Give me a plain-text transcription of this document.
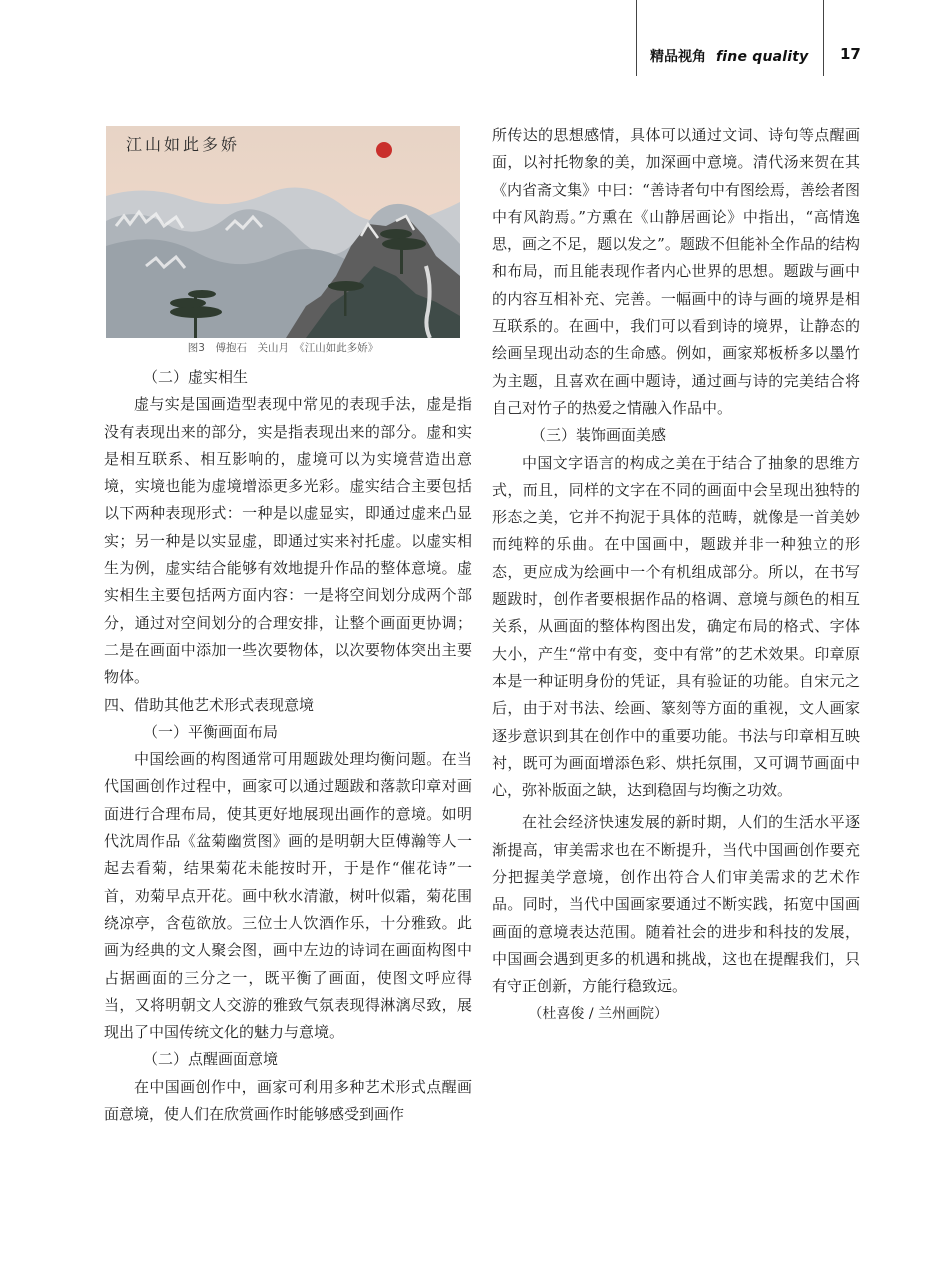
精品视角 fine quality 17
江山如此多娇
图3　傅抱石　关山月　《江山如此多娇》

（二）虚实相生

虚与实是国画造型表现中常见的表现手法，虚是指没有表现出来的部分，实是指表现出来的部分。虚和实是相互联系、相互影响的，虚境可以为实境营造出意境，实境也能为虚境增添更多光彩。虚实结合主要包括以下两种表现形式：一种是以虚显实，即通过虚来凸显实；另一种是以实显虚，即通过实来衬托虚。以虚实相生为例，虚实结合能够有效地提升作品的整体意境。虚实相生主要包括两方面内容：一是将空间划分成两个部分，通过对空间划分的合理安排，让整个画面更协调；二是在画面中添加一些次要物体，以次要物体突出主要物体。

四、借助其他艺术形式表现意境

（一）平衡画面布局

中国绘画的构图通常可用题跋处理均衡问题。在当代国画创作过程中，画家可以通过题跋和落款印章对画面进行合理布局，使其更好地展现出画作的意境。如明代沈周作品《盆菊幽赏图》画的是明朝大臣傅瀚等人一起去看菊，结果菊花未能按时开，于是作“催花诗”一首，劝菊早点开花。画中秋水清澈，树叶似霜，菊花围绕凉亭，含苞欲放。三位士人饮酒作乐，十分雅致。此画为经典的文人聚会图，画中左边的诗词在画面构图中占据画面的三分之一，既平衡了画面，使图文呼应得当，又将明朝文人交游的雅致气氛表现得淋漓尽致，展现出了中国传统文化的魅力与意境。

（二）点醒画面意境

在中国画创作中，画家可利用多种艺术形式点醒画面意境，使人们在欣赏画作时能够感受到画作

所传达的思想感情，具体可以通过文词、诗句等点醒画面，以衬托物象的美，加深画中意境。清代汤来贺在其《内省斋文集》中曰：“善诗者句中有图绘焉，善绘者图中有风韵焉。”方熏在《山静居画论》中指出，“高情逸思，画之不足，题以发之”。题跋不但能补全作品的结构和布局，而且能表现作者内心世界的思想。题跋与画中的内容互相补充、完善。一幅画中的诗与画的境界是相互联系的。在画中，我们可以看到诗的境界，让静态的绘画呈现出动态的生命感。例如，画家郑板桥多以墨竹为主题，且喜欢在画中题诗，通过画与诗的完美结合将自己对竹子的热爱之情融入作品中。

（三）装饰画面美感

中国文字语言的构成之美在于结合了抽象的思维方式，而且，同样的文字在不同的画面中会呈现出独特的形态之美，它并不拘泥于具体的范畴，就像是一首美妙而纯粹的乐曲。在中国画中，题跋并非一种独立的形态，更应成为绘画中一个有机组成部分。所以，在书写题跋时，创作者要根据作品的格调、意境与颜色的相互关系，从画面的整体构图出发，确定布局的格式、字体大小，产生“常中有变，变中有常”的艺术效果。印章原本是一种证明身份的凭证，具有验证的功能。自宋元之后，由于对书法、绘画、篆刻等方面的重视，文人画家逐步意识到其在创作中的重要功能。书法与印章相互映衬，既可为画面增添色彩、烘托氛围，又可调节画面中心，弥补版面之缺，达到稳固与均衡之功效。

在社会经济快速发展的新时期，人们的生活水平逐渐提高，审美需求也在不断提升，当代中国画创作要充分把握美学意境，创作出符合人们审美需求的艺术作品。同时，当代中国画家要通过不断实践，拓宽中国画画面的意境表达范围。随着社会的进步和科技的发展，中国画会遇到更多的机遇和挑战，这也在提醒我们，只有守正创新，方能行稳致远。

（杜喜俊 / 兰州画院）
